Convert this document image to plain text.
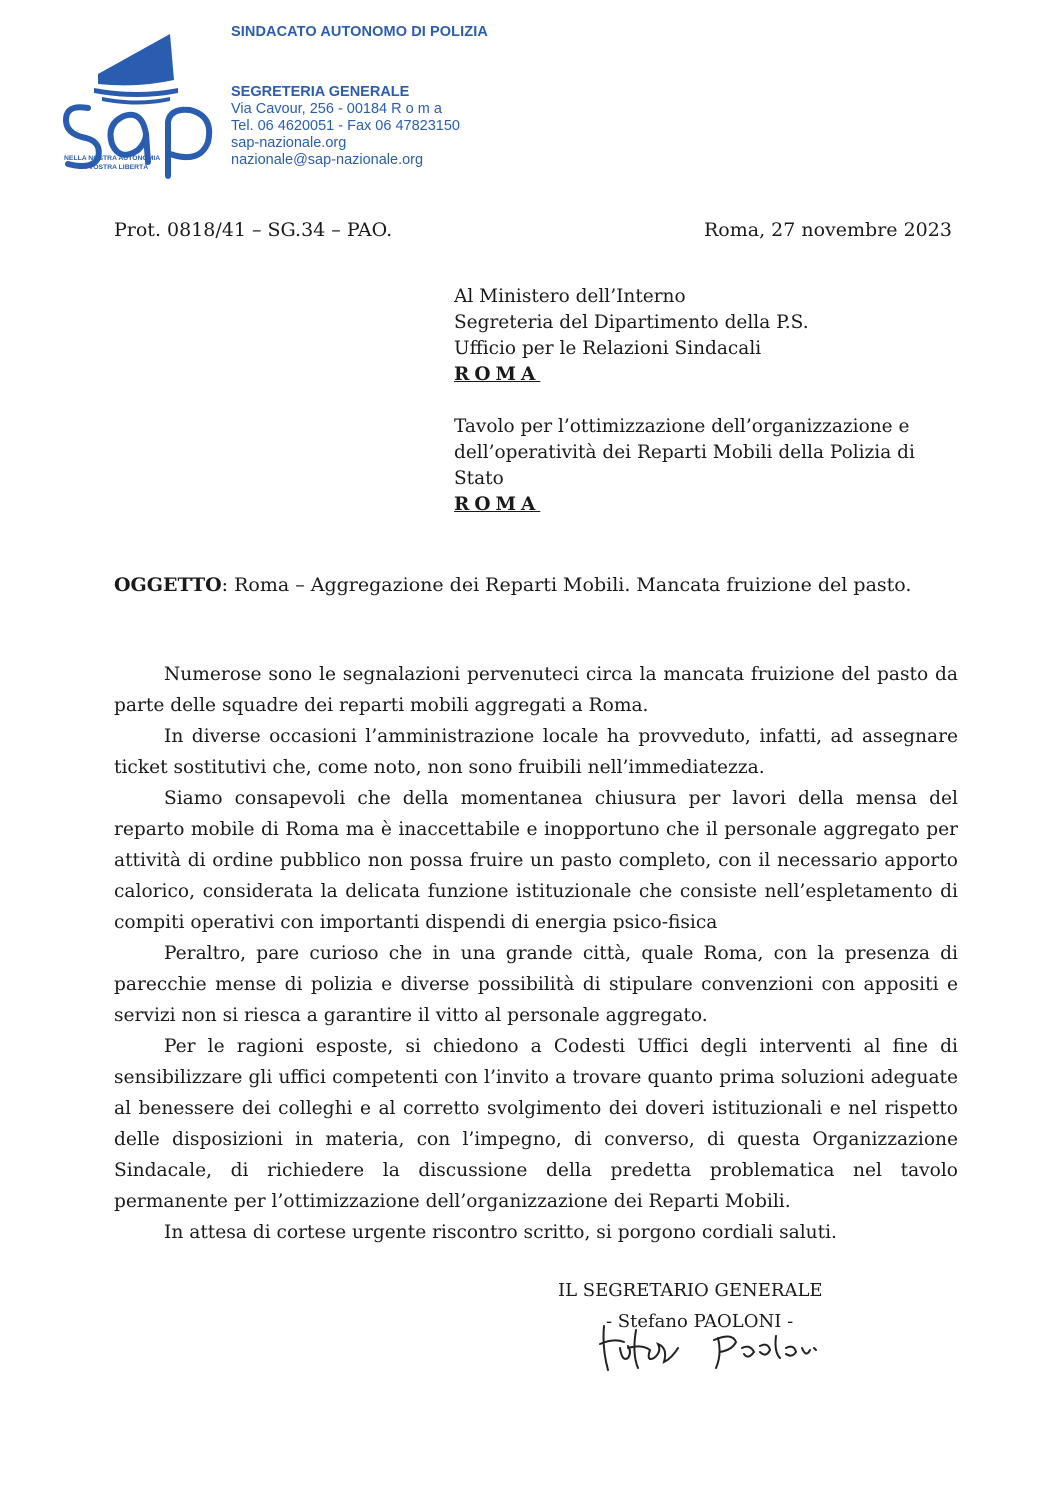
NELLA NOSTRA AUTONOMIA
LA VOSTRA LIBERTÀ
SINDACATO AUTONOMO DI POLIZIA
SEGRETERIA GENERALE
Via Cavour, 256 - 00184 R o m a
Tel. 06 4620051 - Fax 06 47823150
sap-nazionale.org
nazionale@sap-nazionale.org
Prot. 0818/41 – SG.34 – PAO.	Roma, 27 novembre 2023
Al Ministero dell’Interno
Segreteria del Dipartimento della P.S.
Ufficio per le Relazioni Sindacali
ROMA
Tavolo per l’ottimizzazione dell’organizzazione e
dell’operatività dei Reparti Mobili della Polizia di
Stato
ROMA
OGGETTO: Roma – Aggregazione dei Reparti Mobili. Mancata fruizione del pasto.

Numerose sono le segnalazioni pervenuteci circa la mancata fruizione del pasto da parte delle squadre dei reparti mobili aggregati a Roma.

In diverse occasioni l’amministrazione locale ha provveduto, infatti, ad assegnare ticket sostitutivi che, come noto, non sono fruibili nell’immediatezza.

Siamo consapevoli che della momentanea chiusura per lavori della mensa del reparto mobile di Roma ma è inaccettabile e inopportuno che il personale aggregato per attività di ordine pubblico non possa fruire un pasto completo, con il necessario apporto calorico, considerata la delicata funzione istituzionale che consiste nell’espletamento di compiti operativi con importanti dispendi di energia psico-fisica

Peraltro, pare curioso che in una grande città, quale Roma, con la presenza di parecchie mense di polizia e diverse possibilità di stipulare convenzioni con appositi e servizi non si riesca a garantire il vitto al personale aggregato.

Per le ragioni esposte, si chiedono a Codesti Uffici degli interventi al fine di sensibilizzare gli uffici competenti con l’invito a trovare quanto prima soluzioni adeguate al benessere dei colleghi e al corretto svolgimento dei doveri istituzionali e nel rispetto delle disposizioni in materia, con l’impegno, di converso, di questa Organizzazione Sindacale, di richiedere la discussione della predetta problematica nel tavolo permanente per l’ottimizzazione dell’organizzazione dei Reparti Mobili.

In attesa di cortese urgente riscontro scritto, si porgono cordiali saluti.

IL SEGRETARIO GENERALE
- Stefano PAOLONI -
